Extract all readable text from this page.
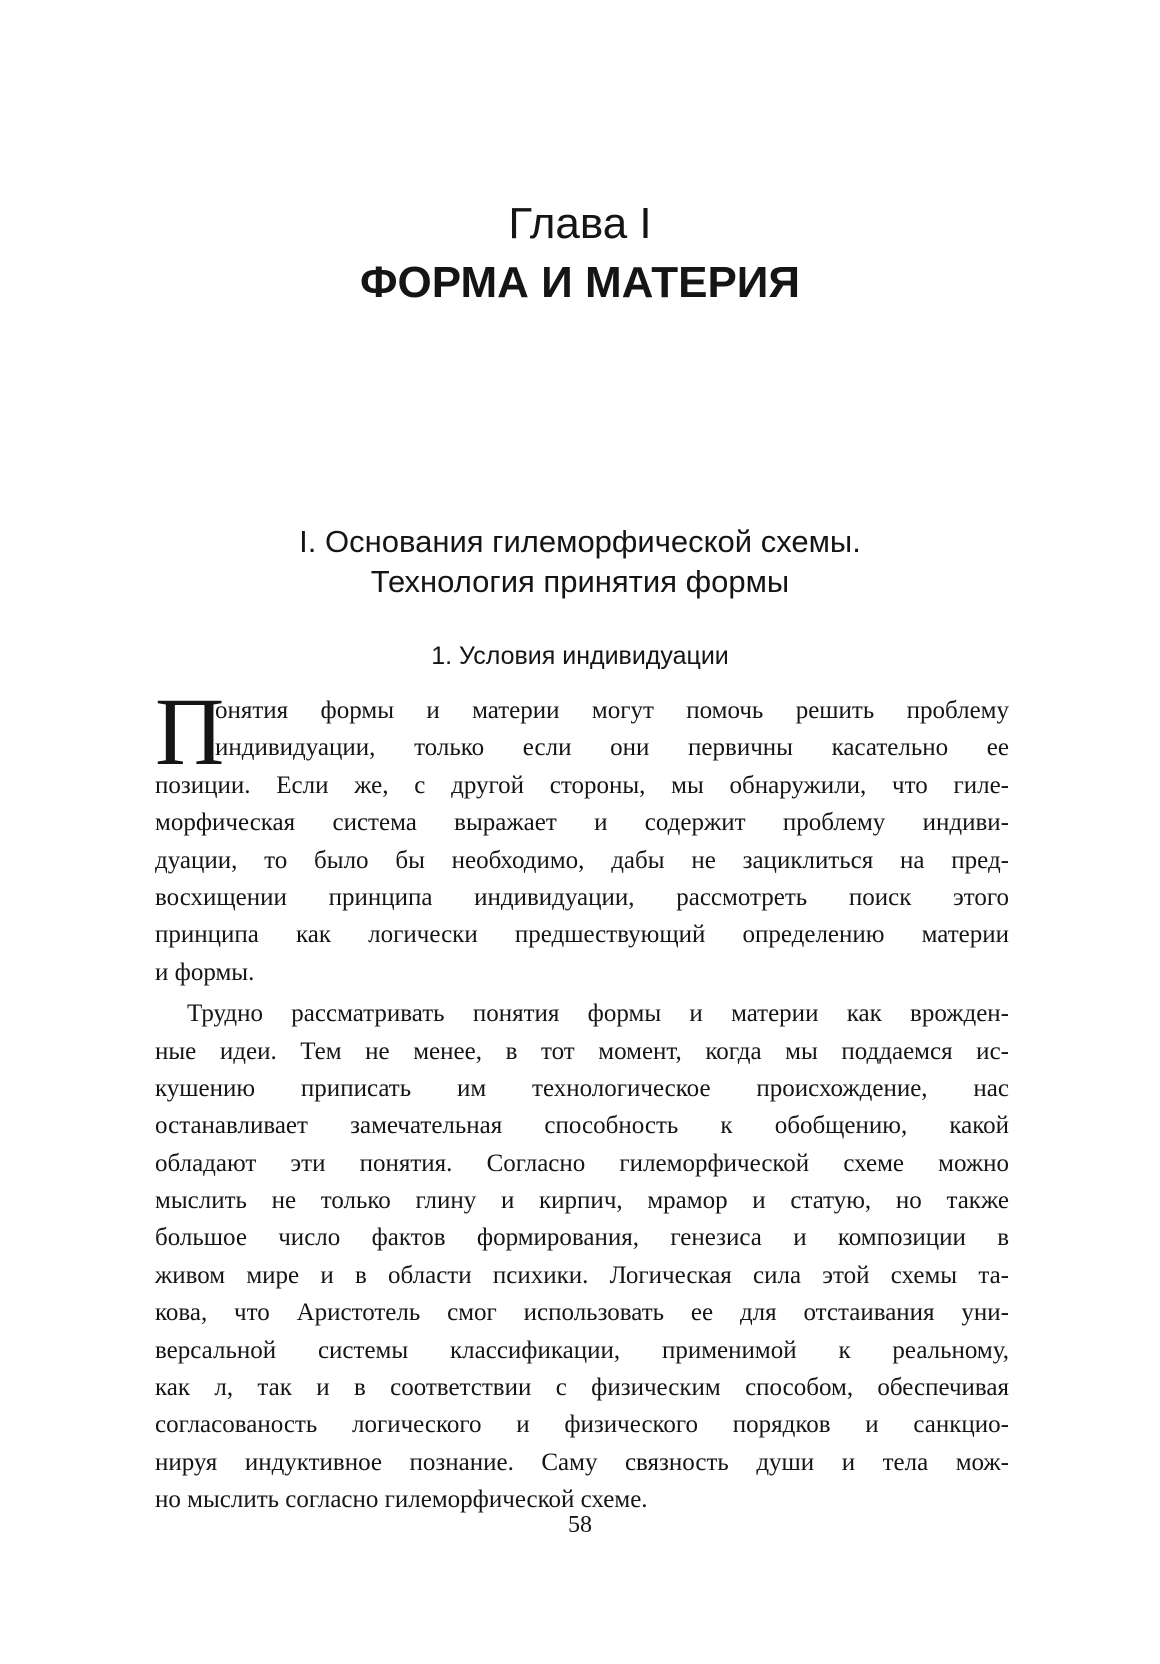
Глава I
ФОРМА И МАТЕРИЯ
I. Основания гилеморфической схемы.
Технология принятия формы
1. Условия индивидуации
П
онятия формы и материи могут помочь решить проблему
индивидуации, только если они первичны касательно ее
позиции. Если же, с другой стороны, мы обнаружили, что гиле-
морфическая система выражает и содержит проблему индиви-
дуации, то было бы необходимо, дабы не зациклиться на пред-
восхищении принципа индивидуации, рассмотреть поиск этого
принципа как логически предшествующий определению материи
и формы.
Трудно рассматривать понятия формы и материи как врожден-
ные идеи. Тем не менее, в тот момент, когда мы поддаемся ис-
кушению приписать им технологическое происхождение, нас
останавливает замечательная способность к обобщению, какой
обладают эти понятия. Согласно гилеморфической схеме можно
мыслить не только глину и кирпич, мрамор и статую, но также
большое число фактов формирования, генезиса и композиции в
живом мире и в области психики. Логическая сила этой схемы та-
кова, что Аристотель смог использовать ее для отстаивания уни-
версальной системы классификации, применимой к реальному,
как л, так и в соответствии с физическим способом, обеспечивая
согласованость логического и физического порядков и санкцио-
нируя индуктивное познание. Саму связность души и тела мож-
но мыслить согласно гилеморфической схеме.
58
